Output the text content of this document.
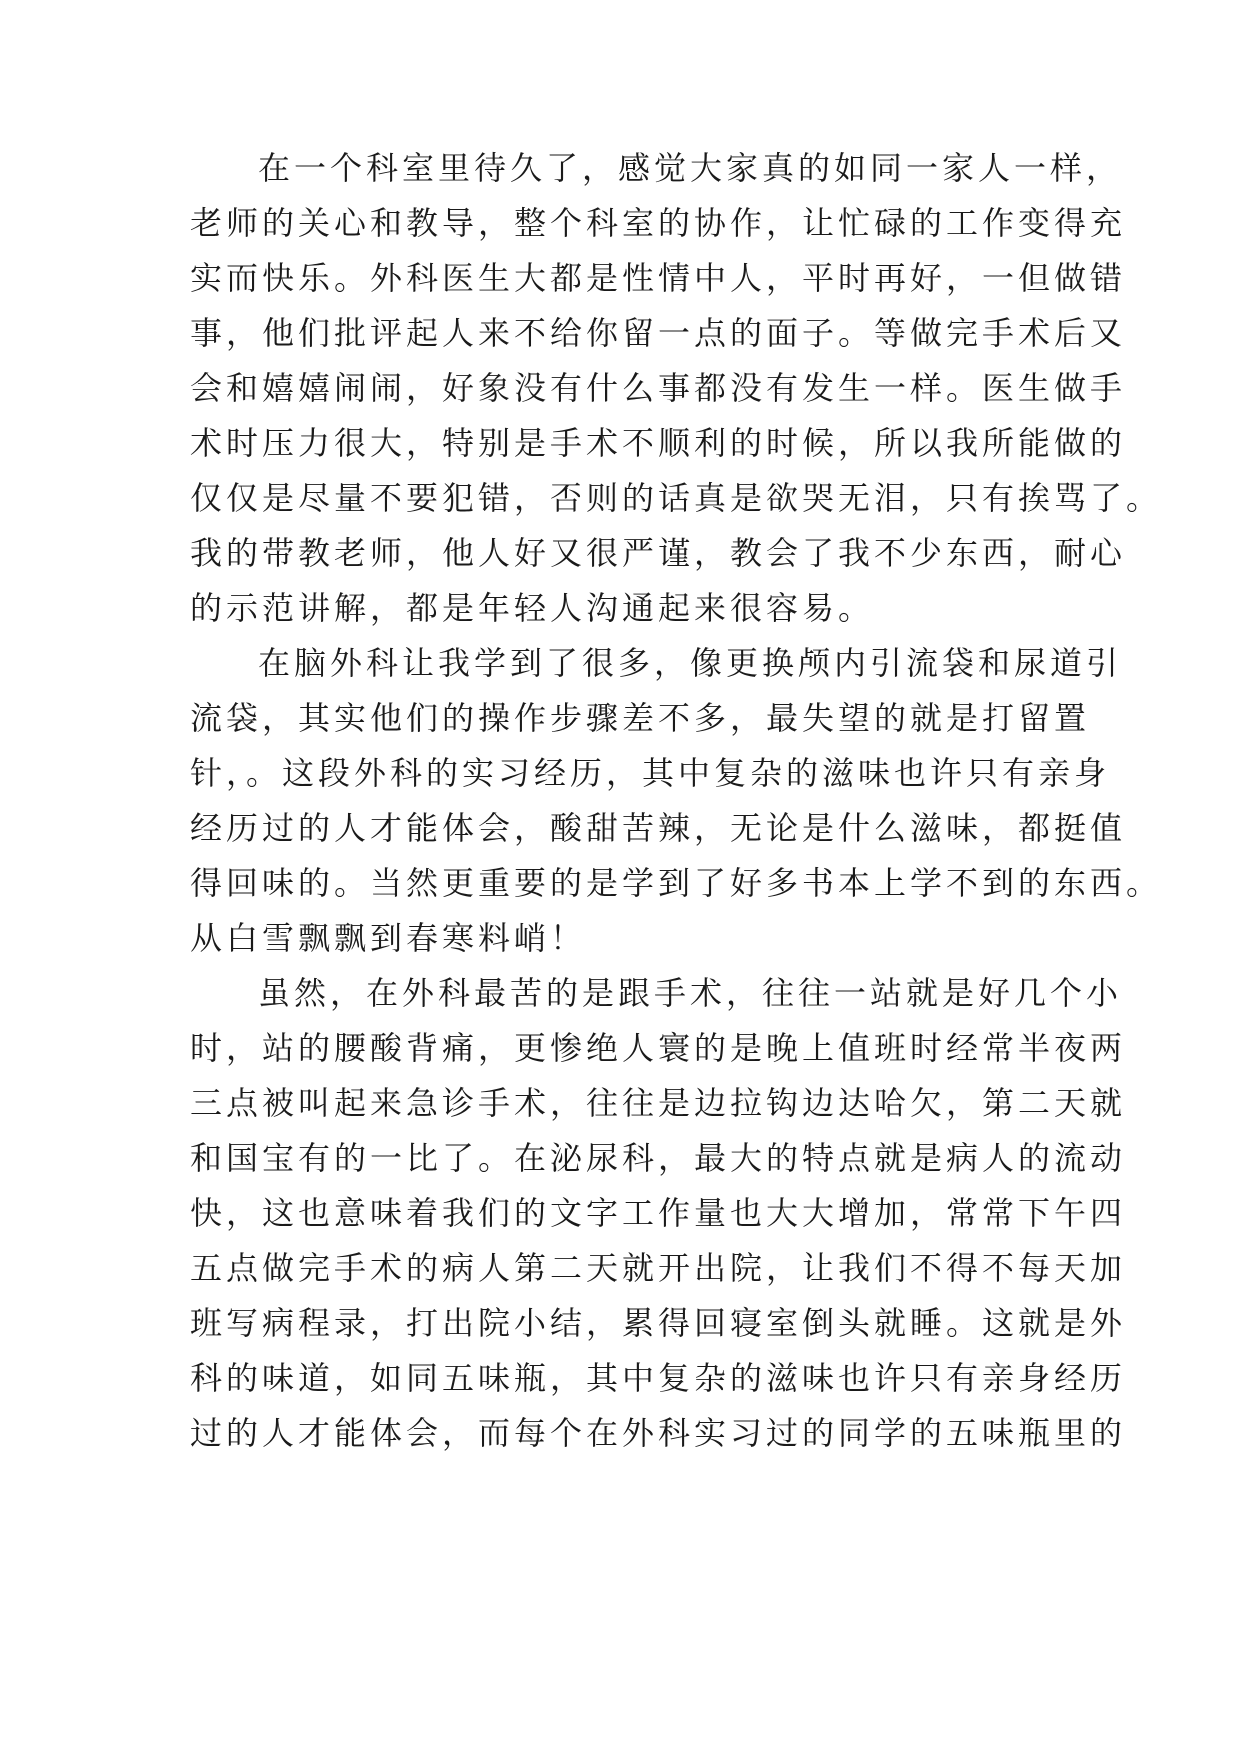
在一个科室里待久了，感觉大家真的如同一家人一样，
老师的关心和教导，整个科室的协作，让忙碌的工作变得充
实而快乐。外科医生大都是性情中人，平时再好，一但做错
事，他们批评起人来不给你留一点的面子。等做完手术后又
会和嬉嬉闹闹，好象没有什么事都没有发生一样。医生做手
术时压力很大，特别是手术不顺利的时候，所以我所能做的
仅仅是尽量不要犯错，否则的话真是欲哭无泪，只有挨骂了。
我的带教老师，他人好又很严谨，教会了我不少东西，耐心
的示范讲解，都是年轻人沟通起来很容易。
在脑外科让我学到了很多，像更换颅内引流袋和尿道引
流袋，其实他们的操作步骤差不多，最失望的就是打留置
针，。这段外科的实习经历，其中复杂的滋味也许只有亲身
经历过的人才能体会，酸甜苦辣，无论是什么滋味，都挺值
得回味的。当然更重要的是学到了好多书本上学不到的东西。
从白雪飘飘到春寒料峭！
虽然，在外科最苦的是跟手术，往往一站就是好几个小
时，站的腰酸背痛，更惨绝人寰的是晚上值班时经常半夜两
三点被叫起来急诊手术，往往是边拉钩边达哈欠，第二天就
和国宝有的一比了。在泌尿科，最大的特点就是病人的流动
快，这也意味着我们的文字工作量也大大增加，常常下午四
五点做完手术的病人第二天就开出院，让我们不得不每天加
班写病程录，打出院小结，累得回寝室倒头就睡。这就是外
科的味道，如同五味瓶，其中复杂的滋味也许只有亲身经历
过的人才能体会，而每个在外科实习过的同学的五味瓶里的
